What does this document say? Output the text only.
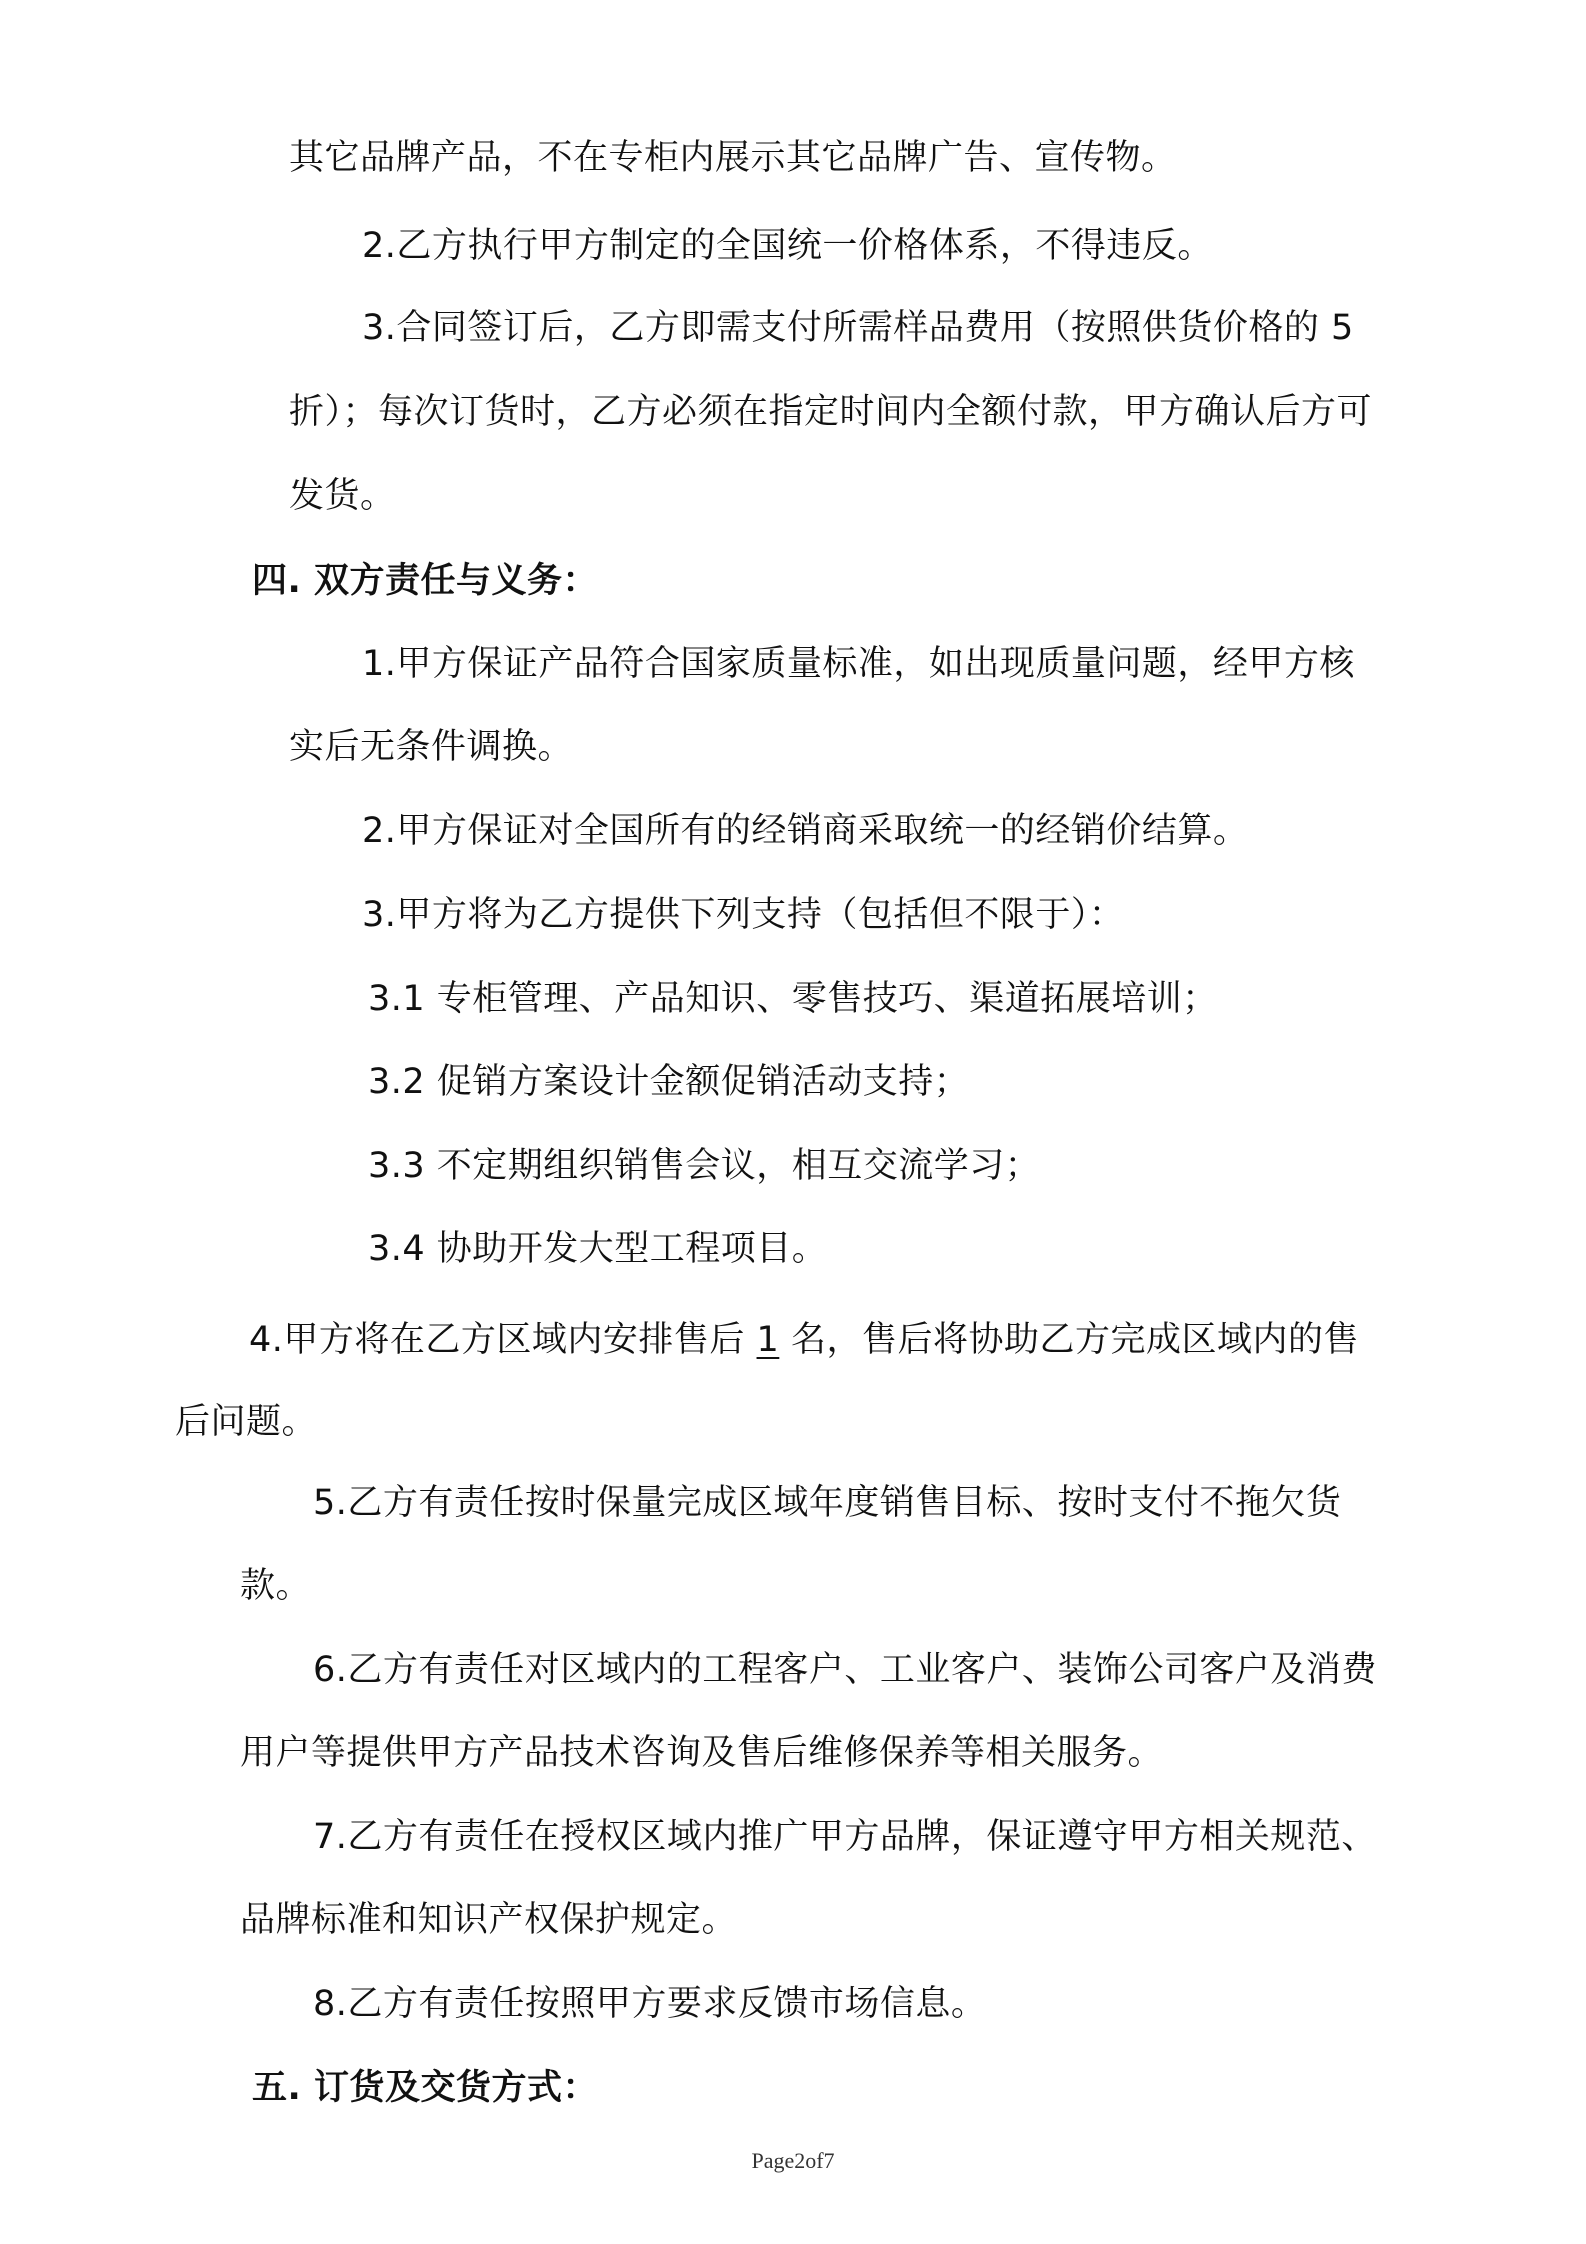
其它品牌产品，不在专柜内展示其它品牌广告、宣传物。
2.乙方执行甲方制定的全国统一价格体系，不得违反。
3.合同签订后，乙方即需支付所需样品费用（按照供货价格的 5
折）；每次订货时，乙方必须在指定时间内全额付款，甲方确认后方可
发货。
四. 双方责任与义务：
1.甲方保证产品符合国家质量标准，如出现质量问题，经甲方核
实后无条件调换。
2.甲方保证对全国所有的经销商采取统一的经销价结算。
3.甲方将为乙方提供下列支持（包括但不限于）：
3.1 专柜管理、产品知识、零售技巧、渠道拓展培训；
3.2 促销方案设计金额促销活动支持；
3.3 不定期组织销售会议，相互交流学习；
3.4 协助开发大型工程项目。
4.甲方将在乙方区域内安排售后 1 名，售后将协助乙方完成区域内的售
后问题。
5.乙方有责任按时保量完成区域年度销售目标、按时支付不拖欠货
款。
6.乙方有责任对区域内的工程客户、工业客户、装饰公司客户及消费
用户等提供甲方产品技术咨询及售后维修保养等相关服务。
7.乙方有责任在授权区域内推广甲方品牌，保证遵守甲方相关规范、
品牌标准和知识产权保护规定。
8.乙方有责任按照甲方要求反馈市场信息。
五. 订货及交货方式：
Page2of7
